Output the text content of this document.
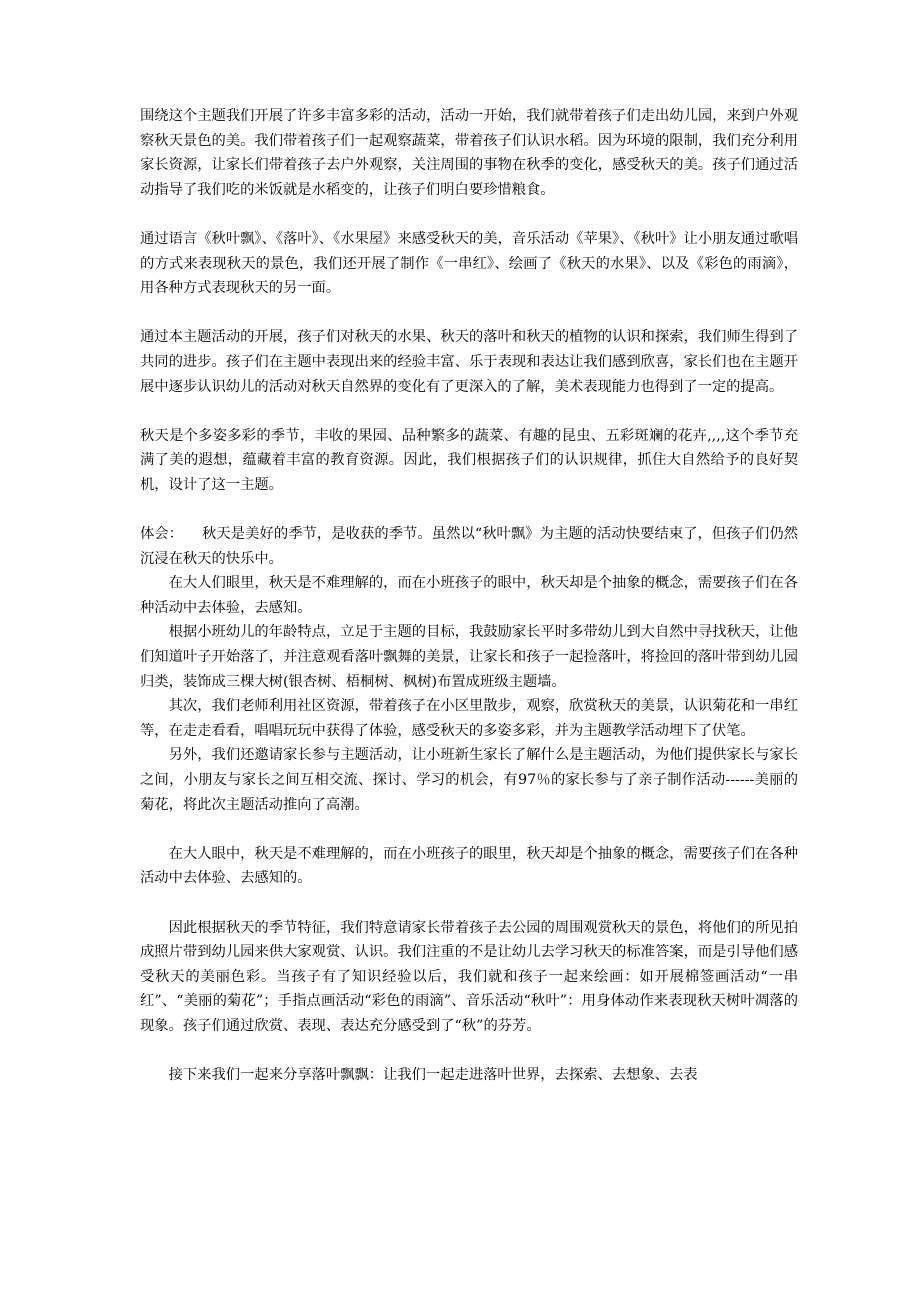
围绕这个主题我们开展了许多丰富多彩的活动，活动一开始，我们就带着孩子们走出幼儿园，来到户外观察秋天景色的美。我们带着孩子们一起观察蔬菜，带着孩子们认识水稻。因为环境的限制，我们充分利用家长资源，让家长们带着孩子去户外观察，关注周围的事物在秋季的变化，感受秋天的美。孩子们通过活动指导了我们吃的米饭就是水稻变的，让孩子们明白要珍惜粮食。

通过语言《秋叶飘》、《落叶》、《水果屋》来感受秋天的美，音乐活动《苹果》、《秋叶》让小朋友通过歌唱的方式来表现秋天的景色，我们还开展了制作《一串红》、绘画了《秋天的水果》、以及《彩色的雨滴》，用各种方式表现秋天的另一面。

通过本主题活动的开展，孩子们对秋天的水果、秋天的落叶和秋天的植物的认识和探索，我们师生得到了共同的进步。孩子们在主题中表现出来的经验丰富、乐于表现和表达让我们感到欣喜，家长们也在主题开展中逐步认识幼儿的活动对秋天自然界的变化有了更深入的了解，美术表现能力也得到了一定的提高。

秋天是个多姿多彩的季节，丰收的果园、品种繁多的蔬菜、有趣的昆虫、五彩斑斓的花卉,,,,这个季节充满了美的遐想，蕴藏着丰富的教育资源。因此，我们根据孩子们的认识规律，抓住大自然给予的良好契机，设计了这一主题。

体会： 秋天是美好的季节，是收获的季节。虽然以“秋叶飘》为主题的活动快要结束了，但孩子们仍然沉浸在秋天的快乐中。

在大人们眼里，秋天是不难理解的，而在小班孩子的眼中，秋天却是个抽象的概念，需要孩子们在各种活动中去体验，去感知。

根据小班幼儿的年龄特点，立足于主题的目标，我鼓励家长平时多带幼儿到大自然中寻找秋天，让他们知道叶子开始落了，并注意观看落叶飘舞的美景，让家长和孩子一起捡落叶，将捡回的落叶带到幼儿园归类，装饰成三棵大树(银杏树、梧桐树、枫树)布置成班级主题墙。

其次，我们老师利用社区资源，带着孩子在小区里散步，观察，欣赏秋天的美景，认识菊花和一串红等，在走走看看，唱唱玩玩中获得了体验，感受秋天的多姿多彩，并为主题教学活动埋下了伏笔。

另外，我们还邀请家长参与主题活动，让小班新生家长了解什么是主题活动，为他们提供家长与家长之间，小朋友与家长之间互相交流、探讨、学习的机会，有97％的家长参与了亲子制作活动------美丽的菊花，将此次主题活动推向了高潮。

在大人眼中，秋天是不难理解的，而在小班孩子的眼里，秋天却是个抽象的概念，需要孩子们在各种活动中去体验、去感知的。

因此根据秋天的季节特征，我们特意请家长带着孩子去公园的周围观赏秋天的景色，将他们的所见拍成照片带到幼儿园来供大家观赏、认识。我们注重的不是让幼儿去学习秋天的标准答案，而是引导他们感受秋天的美丽色彩。当孩子有了知识经验以后，我们就和孩子一起来绘画：如开展棉签画活动“一串红”、“美丽的菊花”；手指点画活动“彩色的雨滴”、音乐活动“秋叶”：用身体动作来表现秋天树叶凋落的现象。孩子们通过欣赏、表现、表达充分感受到了“秋”的芬芳。

接下来我们一起来分享落叶飘飘：让我们一起走进落叶世界，去探索、去想象、去表
